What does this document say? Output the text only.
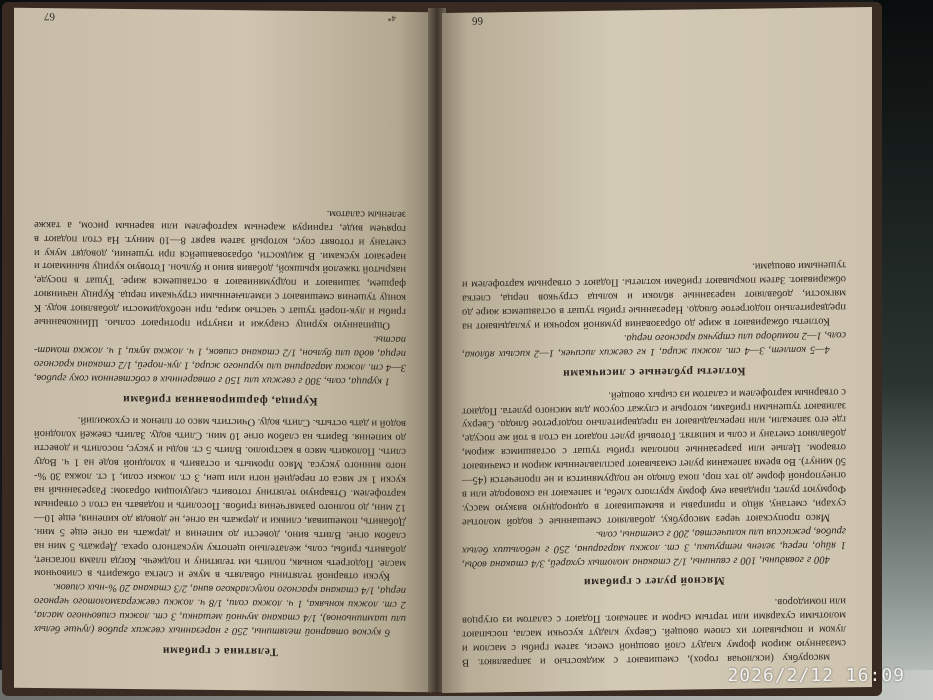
Телятина с грибами

6 кусков отварной телятины, 250 г нарезанных свежих грибов (лучше белых или шампиньонов), 1/4 стакана мучной мешанки, 3 ст. ложки сливочного масла, 2 ст. ложки коньяка, 1 ч. ложка соли, 1/8 ч. ложки свежеразмолотого черного перца, 1/4 стакана красного полусладкого вина, 2/3 стакана 20 %-ных сливок.

Куски отварной телятины обвалять в муке и слегка обжарить в сливочном масле. Подогреть коньяк, полить им телятину и поджечь. Когда пламя погаснет, добавить грибы, соль, желательно щепотку мускатного ореха. Держать 5 мин на слабом огне. Влить вино, довести до кипения и держать на огне еще 5 мин. Добавить, помешивая, сливки и держать на огне, не доводя до кипения, еще 10—12 мин, до полного размягчения грибов. Посолить и подавать на стол с отварным картофелем. Отварную телятину готовить следующим образом: Разрезанный на куски 1 кг мяса от передней ноги или шеи, 3 ст. ложки соли, 1 ст. ложка 30 %-ного винного уксуса. Мясо промыть и оставить в холодной воде на 1 ч. Воду слить. Положить мясо в кастрюлю. Влить 5 ст. воды и уксус, посолить и довести до кипения. Варить на слабом огне 10 мин. Слить воду. Залить свежей холодной водой и дать остыть. Слить воду. Очистить мясо от пленок и сухожилий.

Курица, фаршированная грибами

1 курица, соль, 300 г свежих или 150 г отваренных в собственном соку грибов, 3—4 ст. ложки маргарина или куриного жира, 1 лук-порей, 1/2 стакана красного перца, вода или бульон, 1/2 стакана сливок, 1 ч. ложка муки, 1 ч. ложка томат-пасты.

Ощипанную курицу снаружи и изнутри протирают солью. Шинкованные грибы и лук-порей тушат с частью жира, при необходимости добавляют воду. К концу тушения смешивают с измельченными стручками перца. Курицу начиняют фаршем, зашивают и подрумянивают в оставшемся жире. Тушат в посуде, накрытой тяжелой крышкой, добавив вино и бульон. Готовую курицу вынимают и нарезают кусками. В жидкости, образовавшейся при тушении, доводят муку и сметану и готовят соус, который затем варят 8—10 минут. На стол подают в горячем виде, гарнируя жареным картофелем или вареным рисом, а также зеленым салатом.

4*
67

мясорубку (исключая горох), смешивают с жидкостью и заправляют. В смазанную жиром форму кладут слой овощной смеси, затем грибы с маслом и луком и покрывают их слоем овощей. Сверху кладут кусочки масла, посыпают молотыми сухарями или тертым сыром и запекают. Подают с салатом из огурцов или помидоров.

Мясной рулет с грибами

400 г говядины, 100 г свинины, 1/2 стакана молотых сухарей, 3/4 стакана воды, 1 яйцо, перец, зелень петрушки, 3 ст. ложки маргарина, 250 г небольших белых грибов, режиссия или количества, 200 г сметаны, соль.

Мясо пропускают через мясорубку, добавляют смешанные с водой молотые сухари, сметану, яйцо и приправы и вымешивают в однородную вязкую массу. Формуют рулет, придавая ему форму круглого хлеба, и запекают на сковороде или в огнеупорной форме до тех пор, пока блюдо не подрумянится и не пропечется (45—50 минут). Во время запекания рулет смазывают расплавленным жиром и смачивают отваром. Целые или разрезанные пополам грибы тушат с оставшимся жиром, добавляют сметану и соль и кипятят. Готовый рулет подают на стол в той же посуде, где его запекали, или перекладывают на предварительно подогретое блюдо. Сверху заливают тушеными грибами, которые и служат соусом для мясного рулета. Подают с отварным картофелем и салатом из сырых овощей.

Котлеты рубленые с лисичками

4—5 котлет, 3—4 ст. ложки жира, 1 кг свежих лисичек, 1—2 кислых яблока, соль, 1—2 помидора или стручка красного перца.

Котлеты обжаривают в жире до образования румяной корочки и укладывают на предварительно подогретое блюдо. Нарезанные грибы тушат в оставшемся жире до мягкости, добавляют нарезанные яблоки и кольца стручков перца, слегка обжаривают. Затем покрывают грибами котлеты. Подают с отварным картофелем и тушеными овощами.

66
2026/2/12 16:09
